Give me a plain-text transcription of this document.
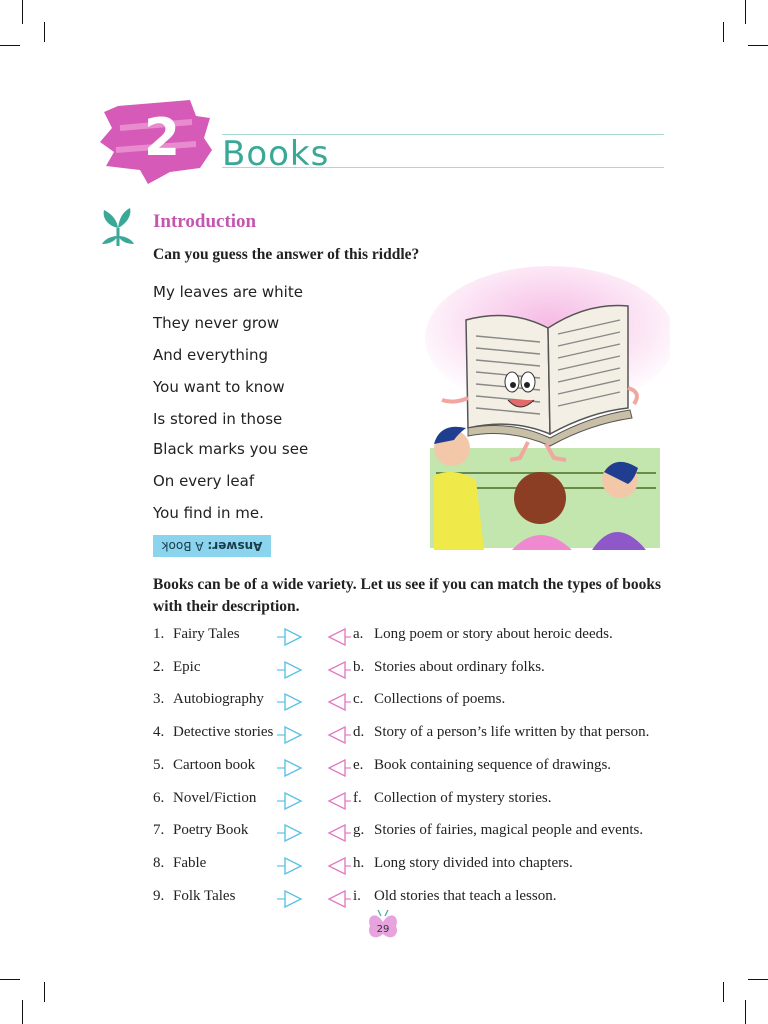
2 Books
Introduction
Can you guess the answer of this riddle?
My leaves are white
They never grow
And everything
You want to know
Is stored in those
Black marks you see
On every leaf
You find in me.
Answer:
A Book
Books can be of a wide variety. Let us see if you can match the types of books with their description.
1. Fairy Tales	a. Long poem or story about heroic deeds.
2. Epic	b. Stories about ordinary folks.
3. Autobiography	c. Collections of poems.
4. Detective stories	d. Story of a person’s life written by that person.
5. Cartoon book	e. Book containing sequence of drawings.
6. Novel/Fiction	f. Collection of mystery stories.
7. Poetry Book	g. Stories of fairies, magical people and events.
8. Fable	h. Long story divided into chapters.
9. Folk Tales	i. Old stories that teach a lesson.
29
